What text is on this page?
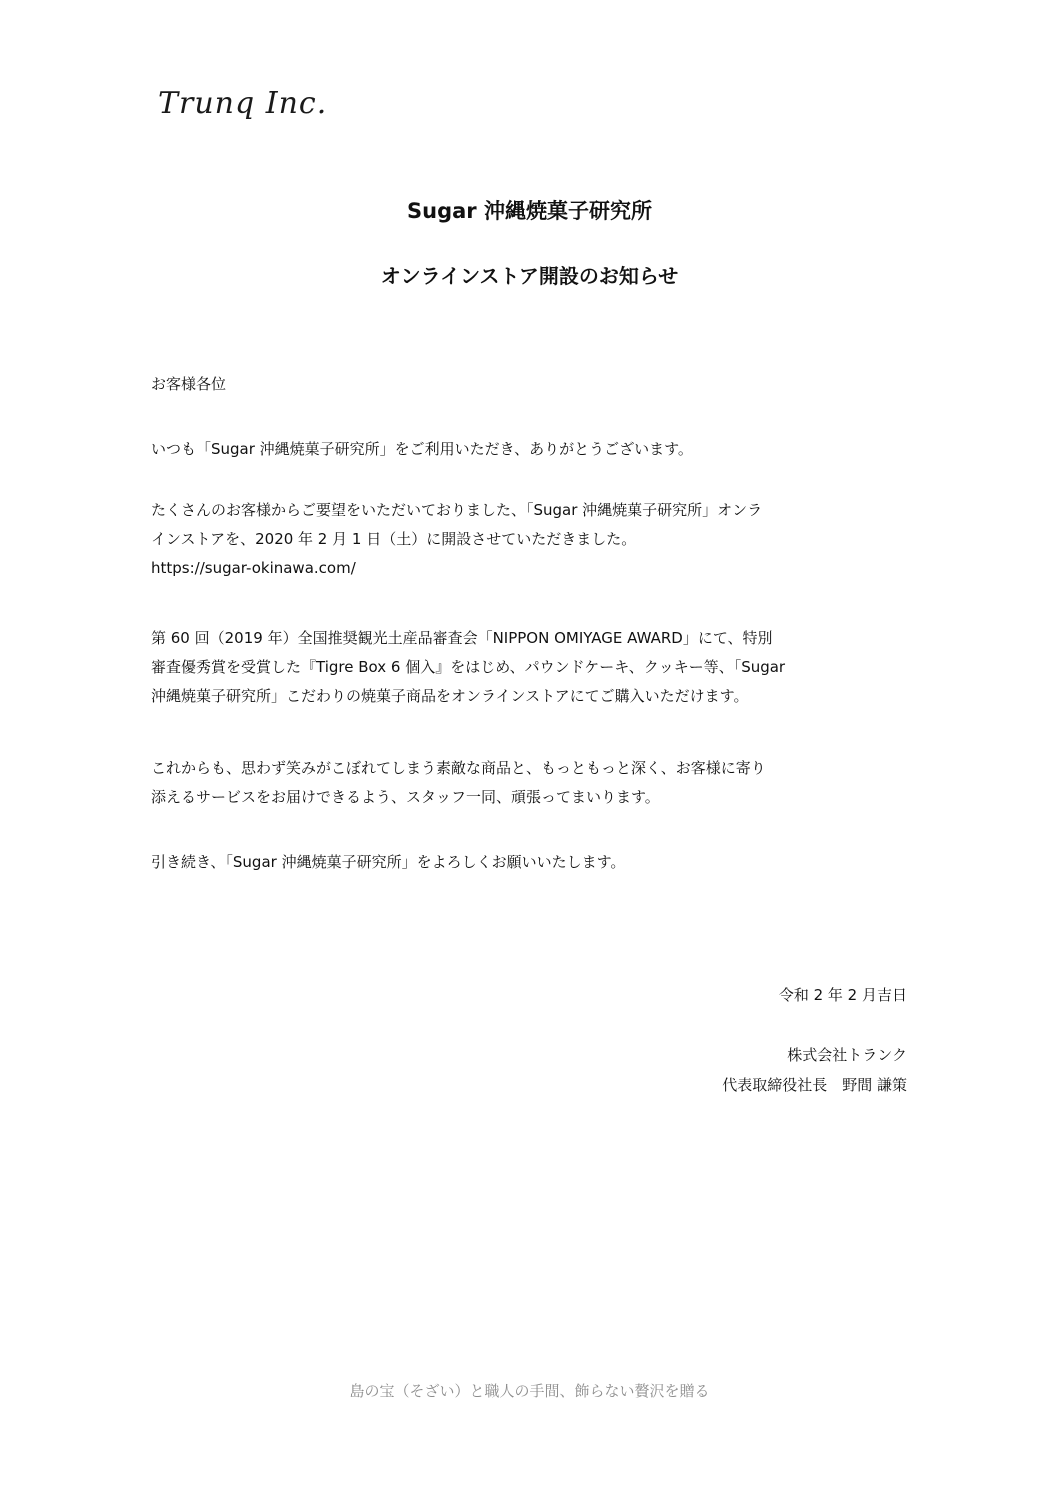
Trunq Inc.
Sugar 沖縄焼菓子研究所
オンラインストア開設のお知らせ
お客様各位
いつも「Sugar 沖縄焼菓子研究所」をご利用いただき、ありがとうございます。
たくさんのお客様からご要望をいただいておりました、「Sugar 沖縄焼菓子研究所」オンラ
インストアを、2020 年 2 月 1 日（土）に開設させていただきました。
https://sugar-okinawa.com/
第 60 回（2019 年）全国推奨観光土産品審査会「NIPPON OMIYAGE AWARD」にて、特別
審査優秀賞を受賞した『Tigre Box 6 個入』をはじめ、パウンドケーキ、クッキー等、「Sugar
沖縄焼菓子研究所」こだわりの焼菓子商品をオンラインストアにてご購入いただけます。
これからも、思わず笑みがこぼれてしまう素敵な商品と、もっともっと深く、お客様に寄り
添えるサービスをお届けできるよう、スタッフ一同、頑張ってまいります。
引き続き、「Sugar 沖縄焼菓子研究所」をよろしくお願いいたします。
令和 2 年 2 月吉日
株式会社トランク
代表取締役社長　野間 謙策
島の宝（そざい）と職人の手間、飾らない贅沢を贈る
